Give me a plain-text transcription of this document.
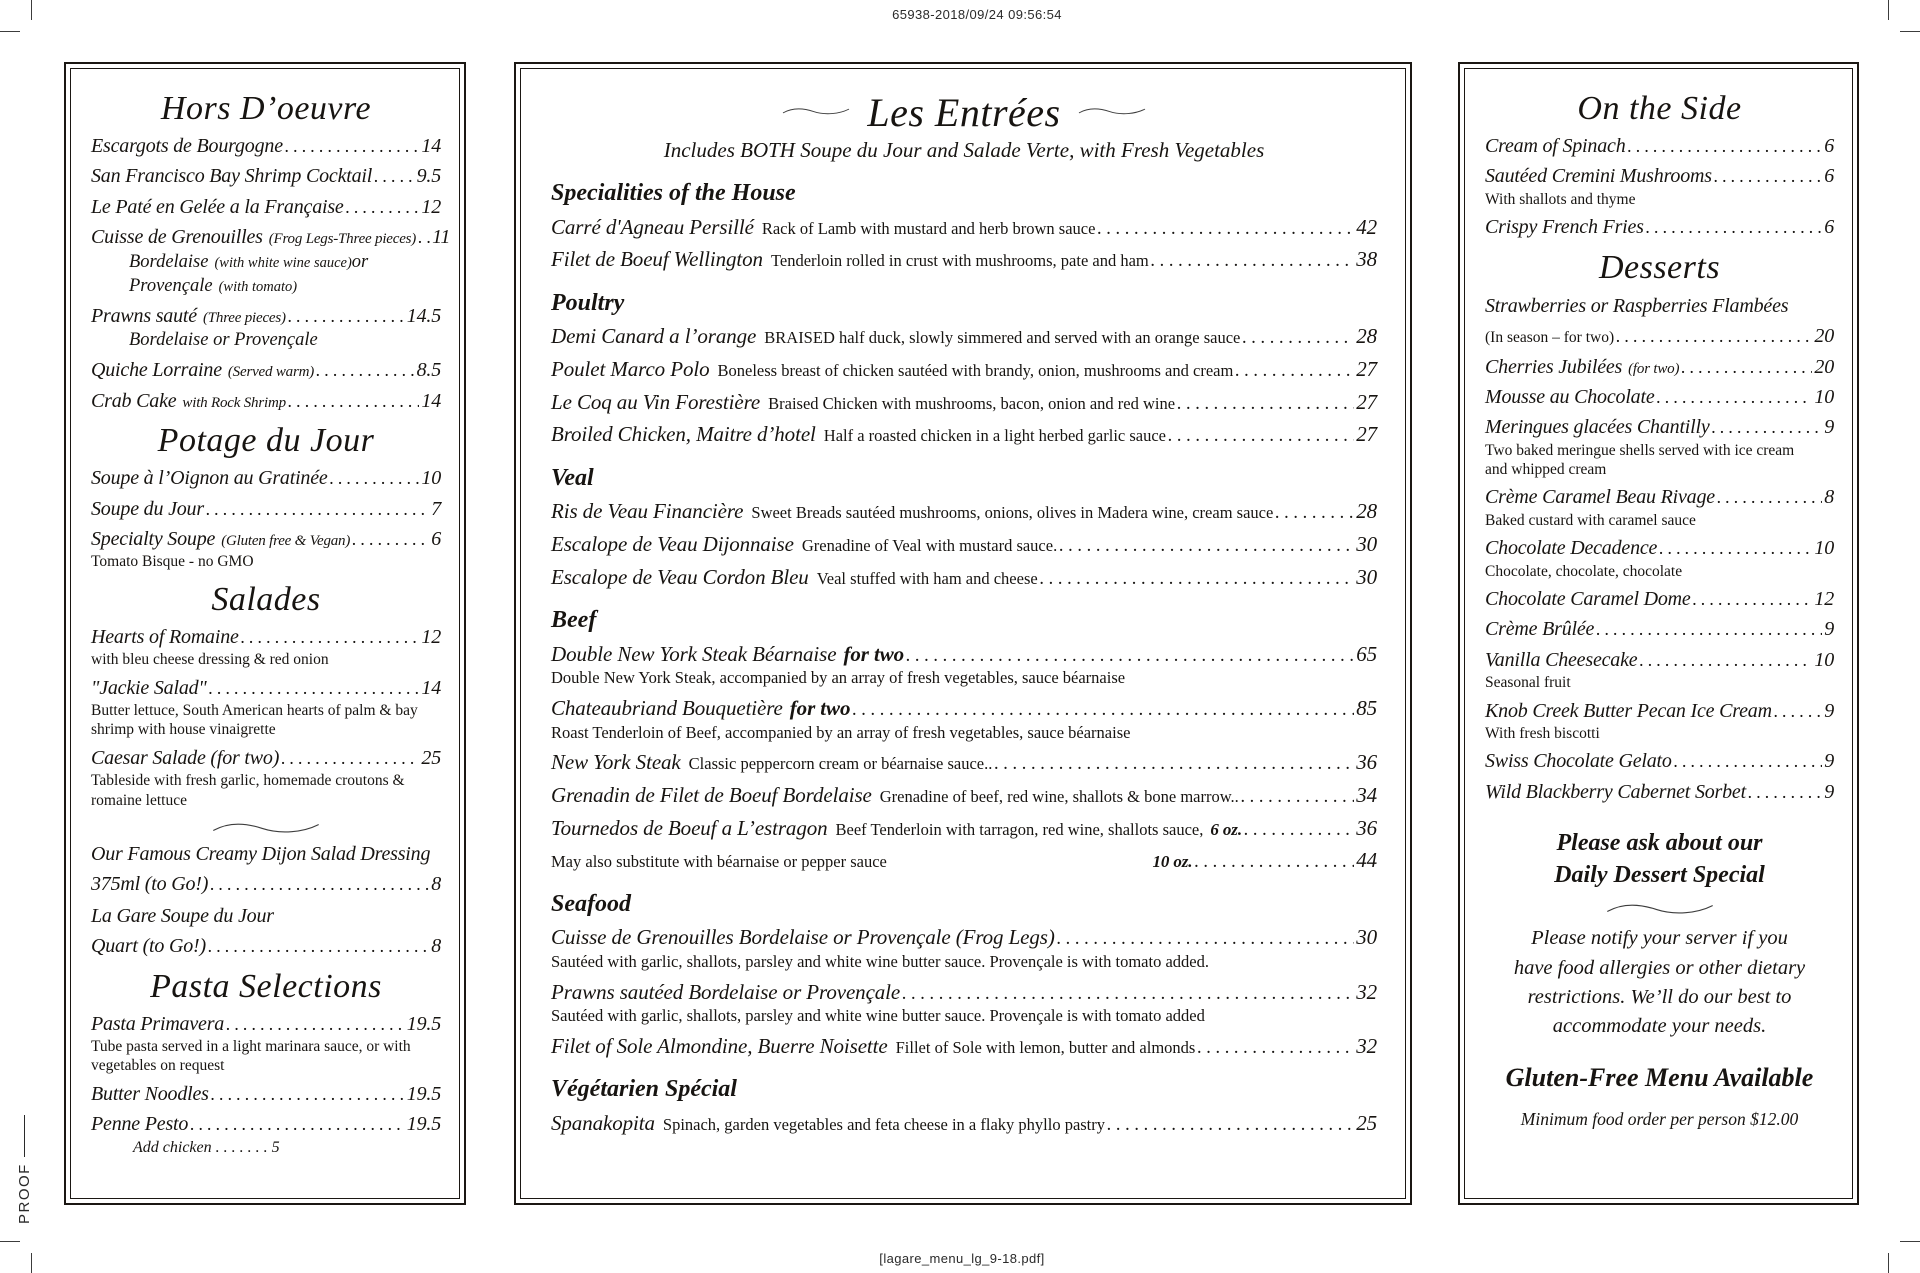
65938-2018/09/24 09:56:54
[lagare_menu_lg_9-18.pdf]
PROOF
Hors D’oeuvre
Escargots de Bourgogne . . .	14
San Francisco Bay Shrimp Cocktail . . . 9.5
Le Paté en Gelée a la Française . . .	12
Cuisse de Grenouilles (Frog Legs-Three pieces) . . . 11
Bordelaise (with white wine sauce)or
Provençale (with tomato)
Prawns sauté (Three pieces) . . .	14.5
Bordelaise or Provençale
Quiche Lorraine (Served warm) . . .	8.5
Crab Cake with Rock Shrimp . . .	14
Potage du Jour
Soupe à l’Oignon au Gratinée . . .	10
Soupe du Jour . . .	7
Specialty Soupe (Gluten free & Vegan) . . .	6
Tomato Bisque - no GMO
Salades
Hearts of Romaine . . .	12
with bleu cheese dressing & red onion
"Jackie Salad" . . .	14
Butter lettuce, South American hearts of palm & bay shrimp with house vinaigrette
Caesar Salade (for two) . . .	25
Tableside with fresh garlic, homemade croutons & romaine lettuce
Our Famous Creamy Dijon Salad Dressing
375ml (to Go!) . . .	8
La Gare Soupe du Jour
Quart (to Go!) . . .	8
Pasta Selections
Pasta Primavera . . .	19.5
Tube pasta served in a light marinara sauce, or with vegetables on request
Butter Noodles . . .	19.5
Penne Pesto . . .	19.5
Add chicken . . . . . . . 5
Les Entrées
Includes BOTH Soupe du Jour and Salade Verte, with Fresh Vegetables
Specialities of the House
Carré d'Agneau Persillé Rack of Lamb with mustard and herb brown sauce . . .	42
Filet de Boeuf Wellington Tenderloin rolled in crust with mushrooms, pate and ham . . .	38
Poultry
Demi Canard a l’orange BRAISED half duck, slowly simmered and served with an orange sauce . . .	28
Poulet Marco Polo Boneless breast of chicken sautéed with brandy, onion, mushrooms and cream . . .	27
Le Coq au Vin Forestière Braised Chicken with mushrooms, bacon, onion and red wine . . .	27
Broiled Chicken, Maitre d’hotel Half a roasted chicken in a light herbed garlic sauce . . .	27
Veal
Ris de Veau Financière Sweet Breads sautéed mushrooms, onions, olives in Madera wine, cream sauce . . .	28
Escalope de Veau Dijonnaise Grenadine of Veal with mustard sauce. . . .	30
Escalope de Veau Cordon Bleu Veal stuffed with ham and cheese . . .	30
Beef
Double New York Steak Béarnaise for two . . .	65
Double New York Steak, accompanied by an array of fresh vegetables, sauce béarnaise
Chateaubriand Bouquetière for two . . .	85
Roast Tenderloin of Beef, accompanied by an array of fresh vegetables, sauce béarnaise
New York Steak Classic peppercorn cream or béarnaise sauce.. . . .	36
Grenadin de Filet de Boeuf Bordelaise Grenadine of beef, red wine, shallots & bone marrow.. . . .	34
Tournedos de Boeuf a L’estragon Beef Tenderloin with tarragon, red wine, shallots sauce, 6 oz. . . .	36
May also substitute with béarnaise or pepper sauce	10 oz. . . .	44
Seafood
Cuisse de Grenouilles Bordelaise or Provençale (Frog Legs) . . .	30
Sautéed with garlic, shallots, parsley and white wine butter sauce. Provençale is with tomato added.
Prawns sautéed Bordelaise or Provençale . . .	32
Sautéed with garlic, shallots, parsley and white wine butter sauce. Provençale is with tomato added
Filet of Sole Almondine, Buerre Noisette Fillet of Sole with lemon, butter and almonds . . .	32
Végétarien Spécial
Spanakopita Spinach, garden vegetables and feta cheese in a flaky phyllo pastry . . .	25
On the Side
Cream of Spinach . . .	6
Sautéed Cremini Mushrooms . . .	6
With shallots and thyme
Crispy French Fries . . .	6
Desserts
Strawberries or Raspberries Flambées
(In season – for two) . . .	20
Cherries Jubilées (for two) . . .	20
Mousse au Chocolate . . .	10
Meringues glacées Chantilly . . .	9
Two baked meringue shells served with ice cream and whipped cream
Crème Caramel Beau Rivage . . .	8
Baked custard with caramel sauce
Chocolate Decadence . . .	10
Chocolate, chocolate, chocolate
Chocolate Caramel Dome . . .	12
Crème Brûlée . . .	9
Vanilla Cheesecake . . .	10
Seasonal fruit
Knob Creek Butter Pecan Ice Cream . . .	9
With fresh biscotti
Swiss Chocolate Gelato . . .	9
Wild Blackberry Cabernet Sorbet . . .	9
Please ask about our
Daily Dessert Special
Please notify your server if you
have food allergies or other dietary
restrictions. We’ll do our best to
accommodate your needs.
Gluten-Free Menu Available
Minimum food order per person $12.00
